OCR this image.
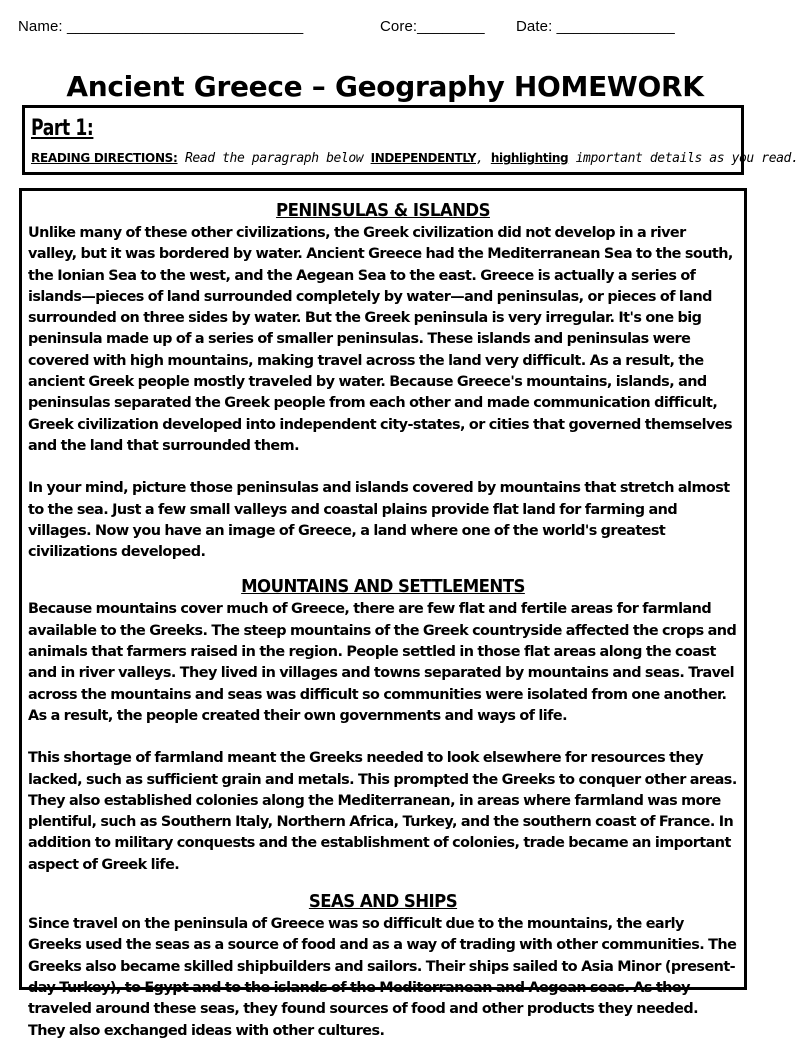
Name: ____________________________	Core:________ Date: ______________
Ancient Greece – Geography HOMEWORK
Part 1:
READING DIRECTIONS: Read the paragraph below INDEPENDENTLY, highlighting important details as you read.
PENINSULAS & ISLANDS

Unlike many of these other civilizations, the Greek civilization did not develop in a river valley, but it was bordered by water. Ancient Greece had the Mediterranean Sea to the south, the Ionian Sea to the west, and the Aegean Sea to the east. Greece is actually a series of islands—pieces of land surrounded completely by water—and peninsulas, or pieces of land surrounded on three sides by water. But the Greek peninsula is very irregular. It's one big peninsula made up of a series of smaller peninsulas. These islands and peninsulas were covered with high mountains, making travel across the land very difficult. As a result, the ancient Greek people mostly traveled by water. Because Greece's mountains, islands, and peninsulas separated the Greek people from each other and made communication difficult, Greek civilization developed into independent city-states, or cities that governed themselves and the land that surrounded them.

In your mind, picture those peninsulas and islands covered by mountains that stretch almost to the sea. Just a few small valleys and coastal plains provide flat land for farming and villages. Now you have an image of Greece, a land where one of the world's greatest civilizations developed.

MOUNTAINS AND SETTLEMENTS

Because mountains cover much of Greece, there are few flat and fertile areas for farmland available to the Greeks. The steep mountains of the Greek countryside affected the crops and animals that farmers raised in the region. People settled in those flat areas along the coast and in river valleys. They lived in villages and towns separated by mountains and seas. Travel across the mountains and seas was difficult so communities were isolated from one another. As a result, the people created their own governments and ways of life.

This shortage of farmland meant the Greeks needed to look elsewhere for resources they lacked, such as sufficient grain and metals. This prompted the Greeks to conquer other areas. They also established colonies along the Mediterranean, in areas where farmland was more plentiful, such as Southern Italy, Northern Africa, Turkey, and the southern coast of France. In addition to military conquests and the establishment of colonies, trade became an important aspect of Greek life.

SEAS AND SHIPS

Since travel on the peninsula of Greece was so difficult due to the mountains, the early Greeks used the seas as a source of food and as a way of trading with other communities. The Greeks also became skilled shipbuilders and sailors. Their ships sailed to Asia Minor (present-day Turkey), to Egypt and to the islands of the Mediterranean and Aegean seas. As they traveled around these seas, they found sources of food and other products they needed. They also exchanged ideas with other cultures.
